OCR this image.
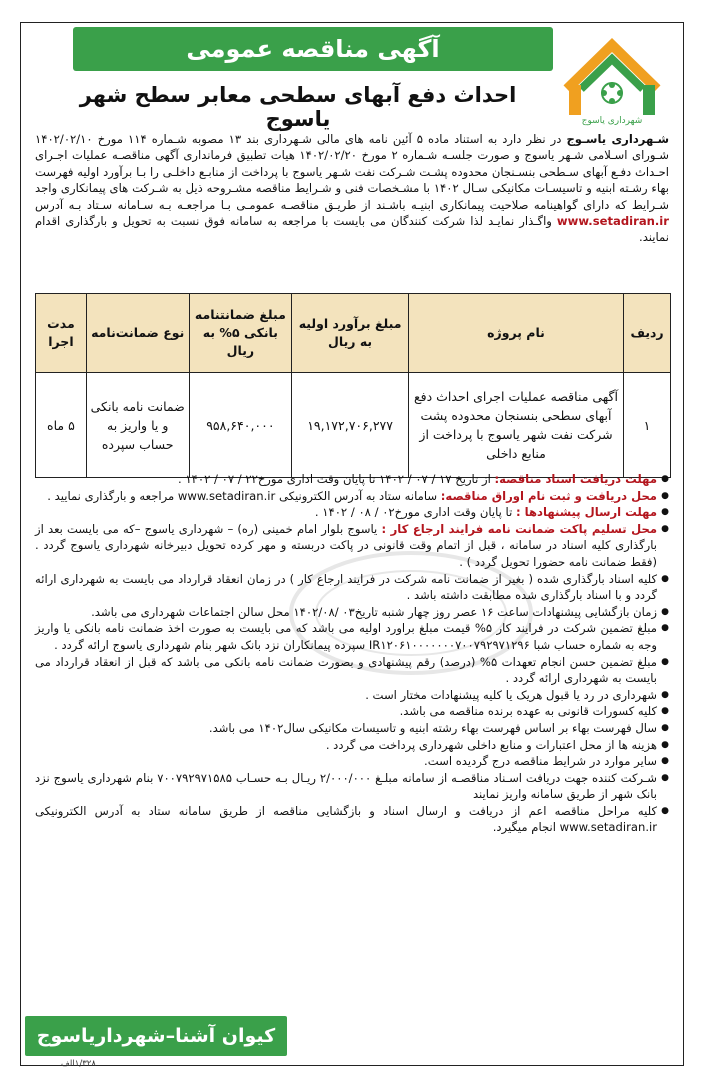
آگهی مناقصه عمومی
احداث دفع آبهای سطحی معابر سطح شهر یاسوج	شهرداری یاسوج
شـهرداری یاسـوج در نظر دارد به استناد ماده ۵ آئین نامه های مالی شـهرداری بند ۱۳ مصوبه شـماره ۱۱۴ مورخ ۱۴۰۲/۰۲/۱۰ شـورای اسـلامی شـهر یاسوج و صورت جلسـه شـماره ۲ مورخ ۱۴۰۲/۰۲/۲۰ هیات تطبیق فرمانداری آگهی مناقصـه عملیات اجـرای احـداث دفـع آبهای سـطحی بنسـنجان محدوده پشـت شـرکت نفت شـهر یاسوج با پرداخت از منابـع داخلـی را بـا برآورد اولیه فهرست بهاء رشـته ابنیه و تاسیسـات مکانیکی سـال ۱۴۰۲ با مشـخصات فنی و شـرایط مناقصه مشـروحه ذیل به شـرکت های پیمانکاری واجد شـرایط که دارای گواهینامه صلاحیت پیمانکاری ابنیـه باشـند از طریـق مناقصـه عمومـی بـا مراجعـه بـه سـامانه سـتاد بـه آدرس www.setadiran.ir واگـذار نمایـد لذا شرکت کنندگان می بایست با مراجعه به سامانه فوق نسبت به تحویل و بارگذاری اقدام نمایند.
ردیف	نام پروژه	مبلغ برآورد اولیه به ریال	مبلغ ضمانتنامه بانکی ۵% به ریال	نوع ضمانت‌نامه	مدت اجرا
۱	آگهی مناقصه عملیات اجرای احداث دفع آبهای سطحی بنسنجان محدوده پشت شرکت نفت شهر یاسوج با پرداخت از منابع داخلی	۱۹,۱۷۲,۷۰۶,۲۷۷	۹۵۸,۶۴۰,۰۰۰	ضمانت نامه بانکی و یا واریز به حساب سپرده	۵ ماه

● مهلت دریافت اسناد مناقصه: از تاریخ ۱۷ / ۰۷ / ۱۴۰۲ تا پایان وقت اداری مورخ۲۲ / ۰۷ / ۱۴۰۲ .

● محل دریافت و ثبت نام اوراق مناقصه: سامانه ستاد به آدرس الکترونیکی www.setadiran.ir مراجعه و بارگذاری نمایید .

● مهلت ارسال پیشنهادها : تا پایان وقت اداری مورخ۰۲ / ۰۸ / ۱۴۰۲ .

● محل تسلیم پاکت ضمانت نامه فرایند ارجاع کار : یاسوج بلوار امام خمینی (ره) – شهرداری یاسوج –که می بایست بعد از بارگذاری کلیه اسناد در سامانه ، قبل از اتمام وقت قانونی در پاکت دربسته و مهر کرده تحویل دبیرخانه شهرداری یاسوج گردد .(فقط ضمانت نامه حضورا تحویل گردد ) .

● کلیه اسناد بارگذاری شده ( بغیر از ضمانت نامه شرکت در فرایند ارجاع کار ) در زمان انعقاد قرارداد می بایست به شهرداری ارائه گردد و با اسناد بارگذاری شده مطابقت داشته باشد .

● زمان بازگشایی پیشنهادات ساعت ۱۶ عصر روز چهار شنبه تاریخ۰۳ /۱۴۰۲/۰۸ محل سالن اجتماعات شهرداری می باشد.

● مبلغ تضمین شرکت در فرایند کار ۵% قیمت مبلغ براورد اولیه می باشد که می بایست به صورت اخذ ضمانت نامه بانکی یا واریز وجه به شماره حساب شبا IR۱۲۰۶۱۰۰۰۰۰۰۰۷۰۰۷۹۲۹۷۱۲۹۶ سپرده پیمانکاران نزد بانک شهر بنام شهرداری یاسوج ارائه گردد .

● مبلغ تضمین حسن انجام تعهدات ۵% (درصد) رقم پیشنهادی و بصورت ضمانت نامه بانکی می باشد که قبل از انعقاد قرارداد می بایست به شهرداری ارائه گردد .

● شهرداری در رد یا قبول هریک یا کلیه پیشنهادات مختار است .

● کلیه کسورات قانونی به عهده برنده مناقصه می باشد.

● سال فهرست بهاء بر اساس فهرست بهاء رشته ابنیه و تاسیسات مکانیکی سال۱۴۰۲ می باشد.

● هزینه ها از محل اعتبارات و منابع داخلی شهرداری پرداخت می گردد .

● سایر موارد در شرایط مناقصه درج گردیده است.

● شـرکت کننده جهت دریافت اسـناد مناقصـه از سامانه مبلـغ ۲/۰۰۰/۰۰۰ ریـال بـه حسـاب ۷۰۰۷۹۲۹۷۱۵۸۵ بنام شهرداری یاسوج نزد بانک شهر از طریق سامانه واریز نمایند

● کلیه مراحل مناقصه اعم از دریافت و ارسال اسناد و بازگشایی مناقصه از طریق سامانه ستاد به آدرس الکترونیکی www.setadiran.ir انجام میگیرد.

کیوان آشنا–شهرداریاسوج
۱/۳۲۸الف
